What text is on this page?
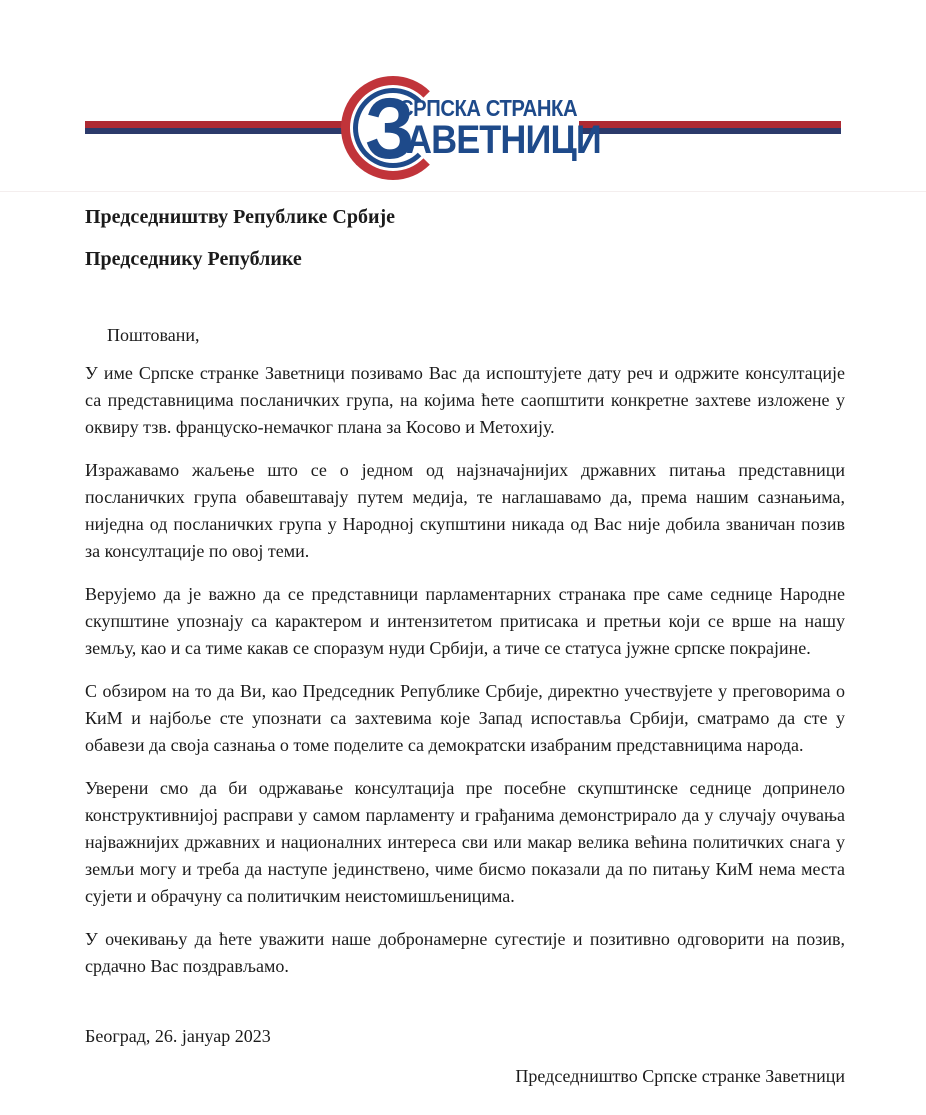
З
СРПСКА СТРАНКА
АВЕТНИЦИ
Председништву Републике Србије
Председнику Републике

Поштовани,

У име Српске странке Заветници позивамо Вас да испоштујете дату реч и одржите консултације са представницима посланичких група, на којима ћете саопштити конкретне захтеве изложене у оквиру тзв. француско-немачког плана за Косово и Метохију.

Изражавамо жаљење што се о једном од најзначајнијих државних питања представници посланичких група обавештавају путем медија, те наглашавамо да, према нашим сазнањима, ниједна од посланичких група у Народној скупштини никада од Вас није добила званичан позив за консултације по овој теми.

Верујемо да је важно да се представници парламентарних странака пре саме седнице Народне скупштине упознају са карактером и интензитетом притисака и претњи који се врше на нашу земљу, као и са тиме какав се споразум нуди Србији, а тиче се статуса јужне српске покрајине.

С обзиром на то да Ви, као Председник Републике Србије, директно учествујете у преговорима о КиМ и најбоље сте упознати са захтевима које Запад испоставља Србији, сматрамо да сте у обавези да своја сазнања о томе поделите са демократски изабраним представницима народа.

Уверени смо да би одржавање консултација пре посебне скупштинске седнице допринело конструктивнијој расправи у самом парламенту и грађанима демонстрирало да у случају очувања најважнијих државних и националних интереса сви или макар велика већина политичких снага у земљи могу и треба да наступе јединствено, чиме бисмо показали да по питању КиМ нема места сујети и обрачуну са политичким неистомишљеницима.

У очекивању да ћете уважити наше добронамерне сугестије и позитивно одговорити на позив, срдачно Вас поздрављамо.

Београд, 26. јануар 2023
Председништво Српске странке Заветници
